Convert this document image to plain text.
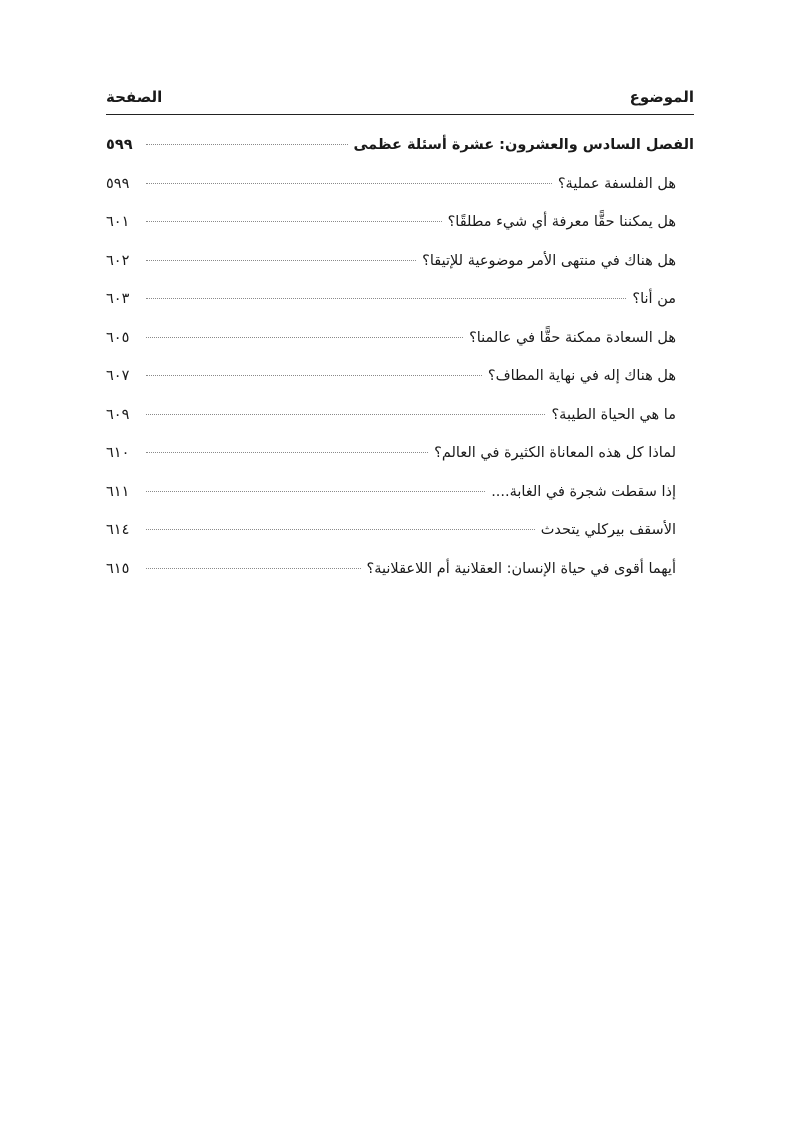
الموضوع
الصفحة
الفصل السادس والعشرون: عشرة أسئلة عظمى
٥٩٩
هل الفلسفة عملية؟
٥٩٩
هل يمكننا حقًّا معرفة أي شيء مطلقًا؟
٦٠١
هل هناك في منتهى الأمر موضوعية للإتيقا؟
٦٠٢
من أنا؟
٦٠٣
هل السعادة ممكنة حقًّا في عالمنا؟
٦٠٥
هل هناك إله في نهاية المطاف؟
٦٠٧
ما هي الحياة الطيبة؟
٦٠٩
لماذا كل هذه المعاناة الكثيرة في العالم؟
٦١٠
إذا سقطت شجرة في الغابة....
٦١١
الأسقف بيركلي يتحدث
٦١٤
أيهما أقوى في حياة الإنسان: العقلانية أم اللاعقلانية؟
٦١٥
